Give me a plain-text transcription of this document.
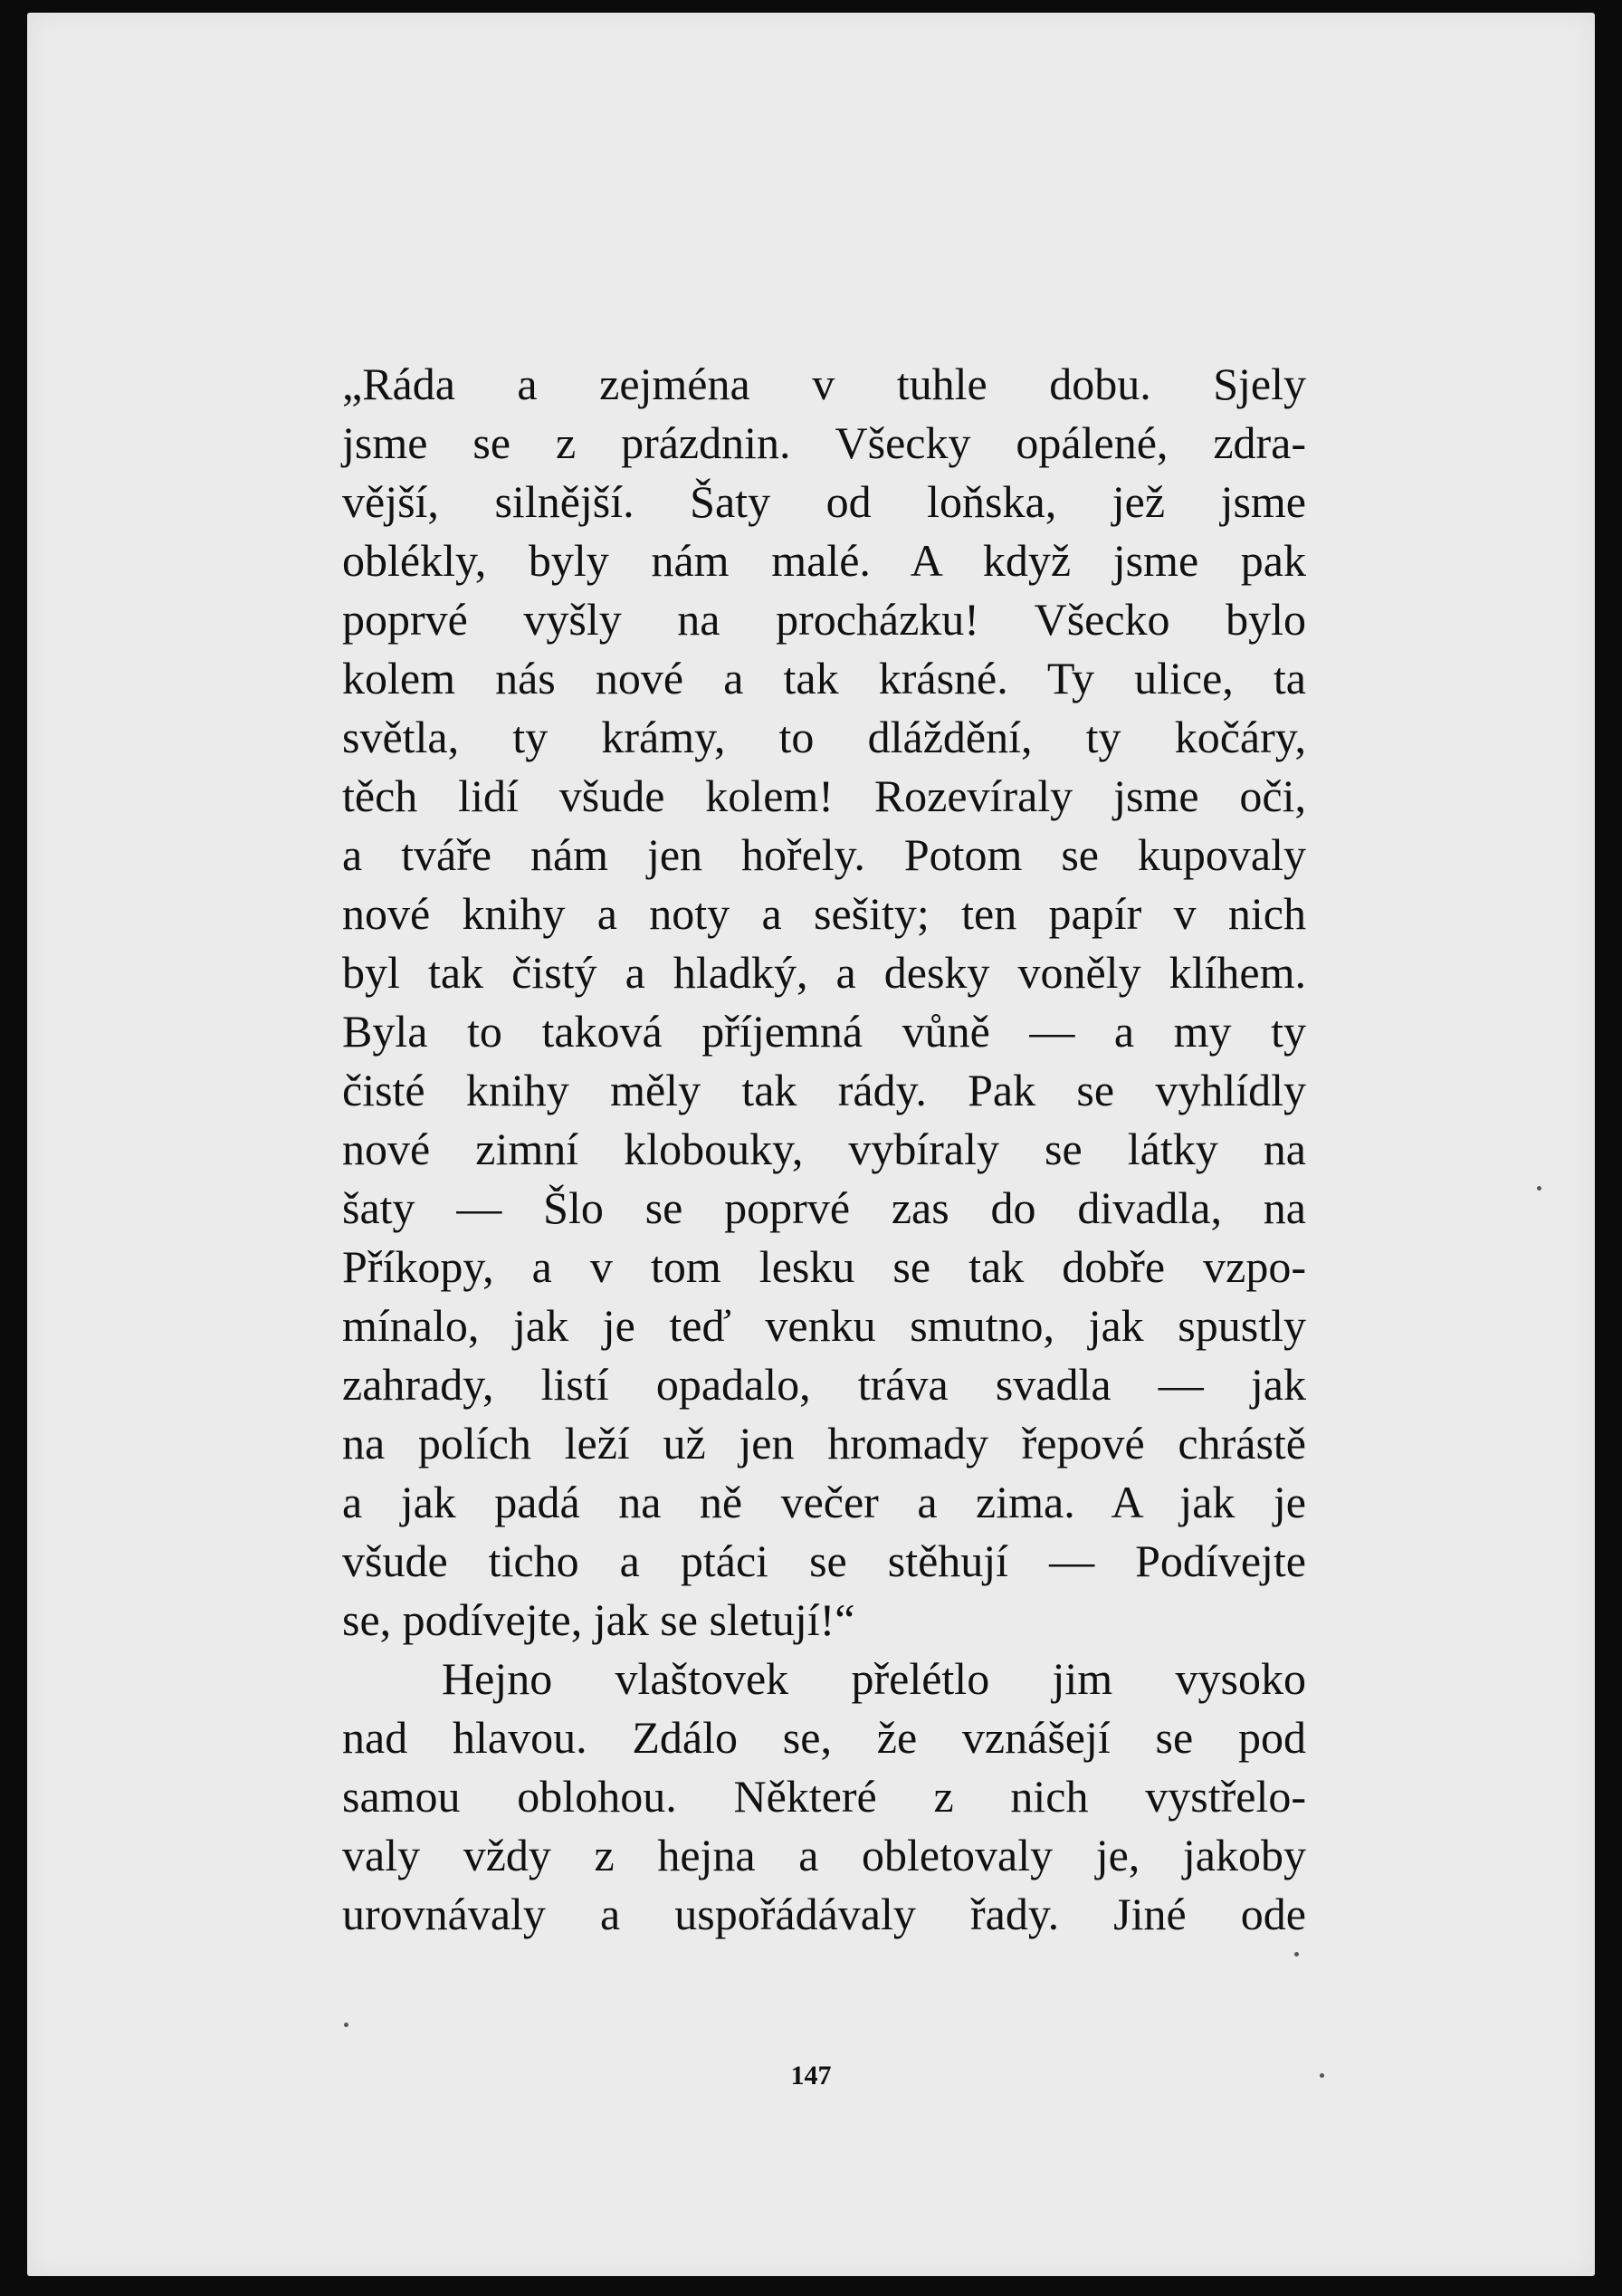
„Ráda a zejména v tuhle dobu. Sjely
jsme se z prázdnin. Všecky opálené, zdra-
vější, silnější. Šaty od loňska, jež jsme
oblékly, byly nám malé. A když jsme pak
poprvé vyšly na procházku! Všecko bylo
kolem nás nové a tak krásné. Ty ulice, ta
světla, ty krámy, to dláždění, ty kočáry,
těch lidí všude kolem! Rozevíraly jsme oči,
a tváře nám jen hořely. Potom se kupovaly
nové knihy a noty a sešity; ten papír v nich
byl tak čistý a hladký, a desky voněly klíhem.
Byla to taková příjemná vůně — a my ty
čisté knihy měly tak rády. Pak se vyhlídly
nové zimní klobouky, vybíraly se látky na
šaty — Šlo se poprvé zas do divadla, na
Příkopy, a v tom lesku se tak dobře vzpo-
mínalo, jak je teď venku smutno, jak spustly
zahrady, listí opadalo, tráva svadla — jak
na polích leží už jen hromady řepové chrástě
a jak padá na ně večer a zima. A jak je
všude ticho a ptáci se stěhují — Podívejte
se, podívejte, jak se sletují!“
Hejno vlaštovek přelétlo jim vysoko
nad hlavou. Zdálo se, že vznášejí se pod
samou oblohou. Některé z nich vystřelo-
valy vždy z hejna a obletovaly je, jakoby
urovnávaly a uspořádávaly řady. Jiné ode
147
